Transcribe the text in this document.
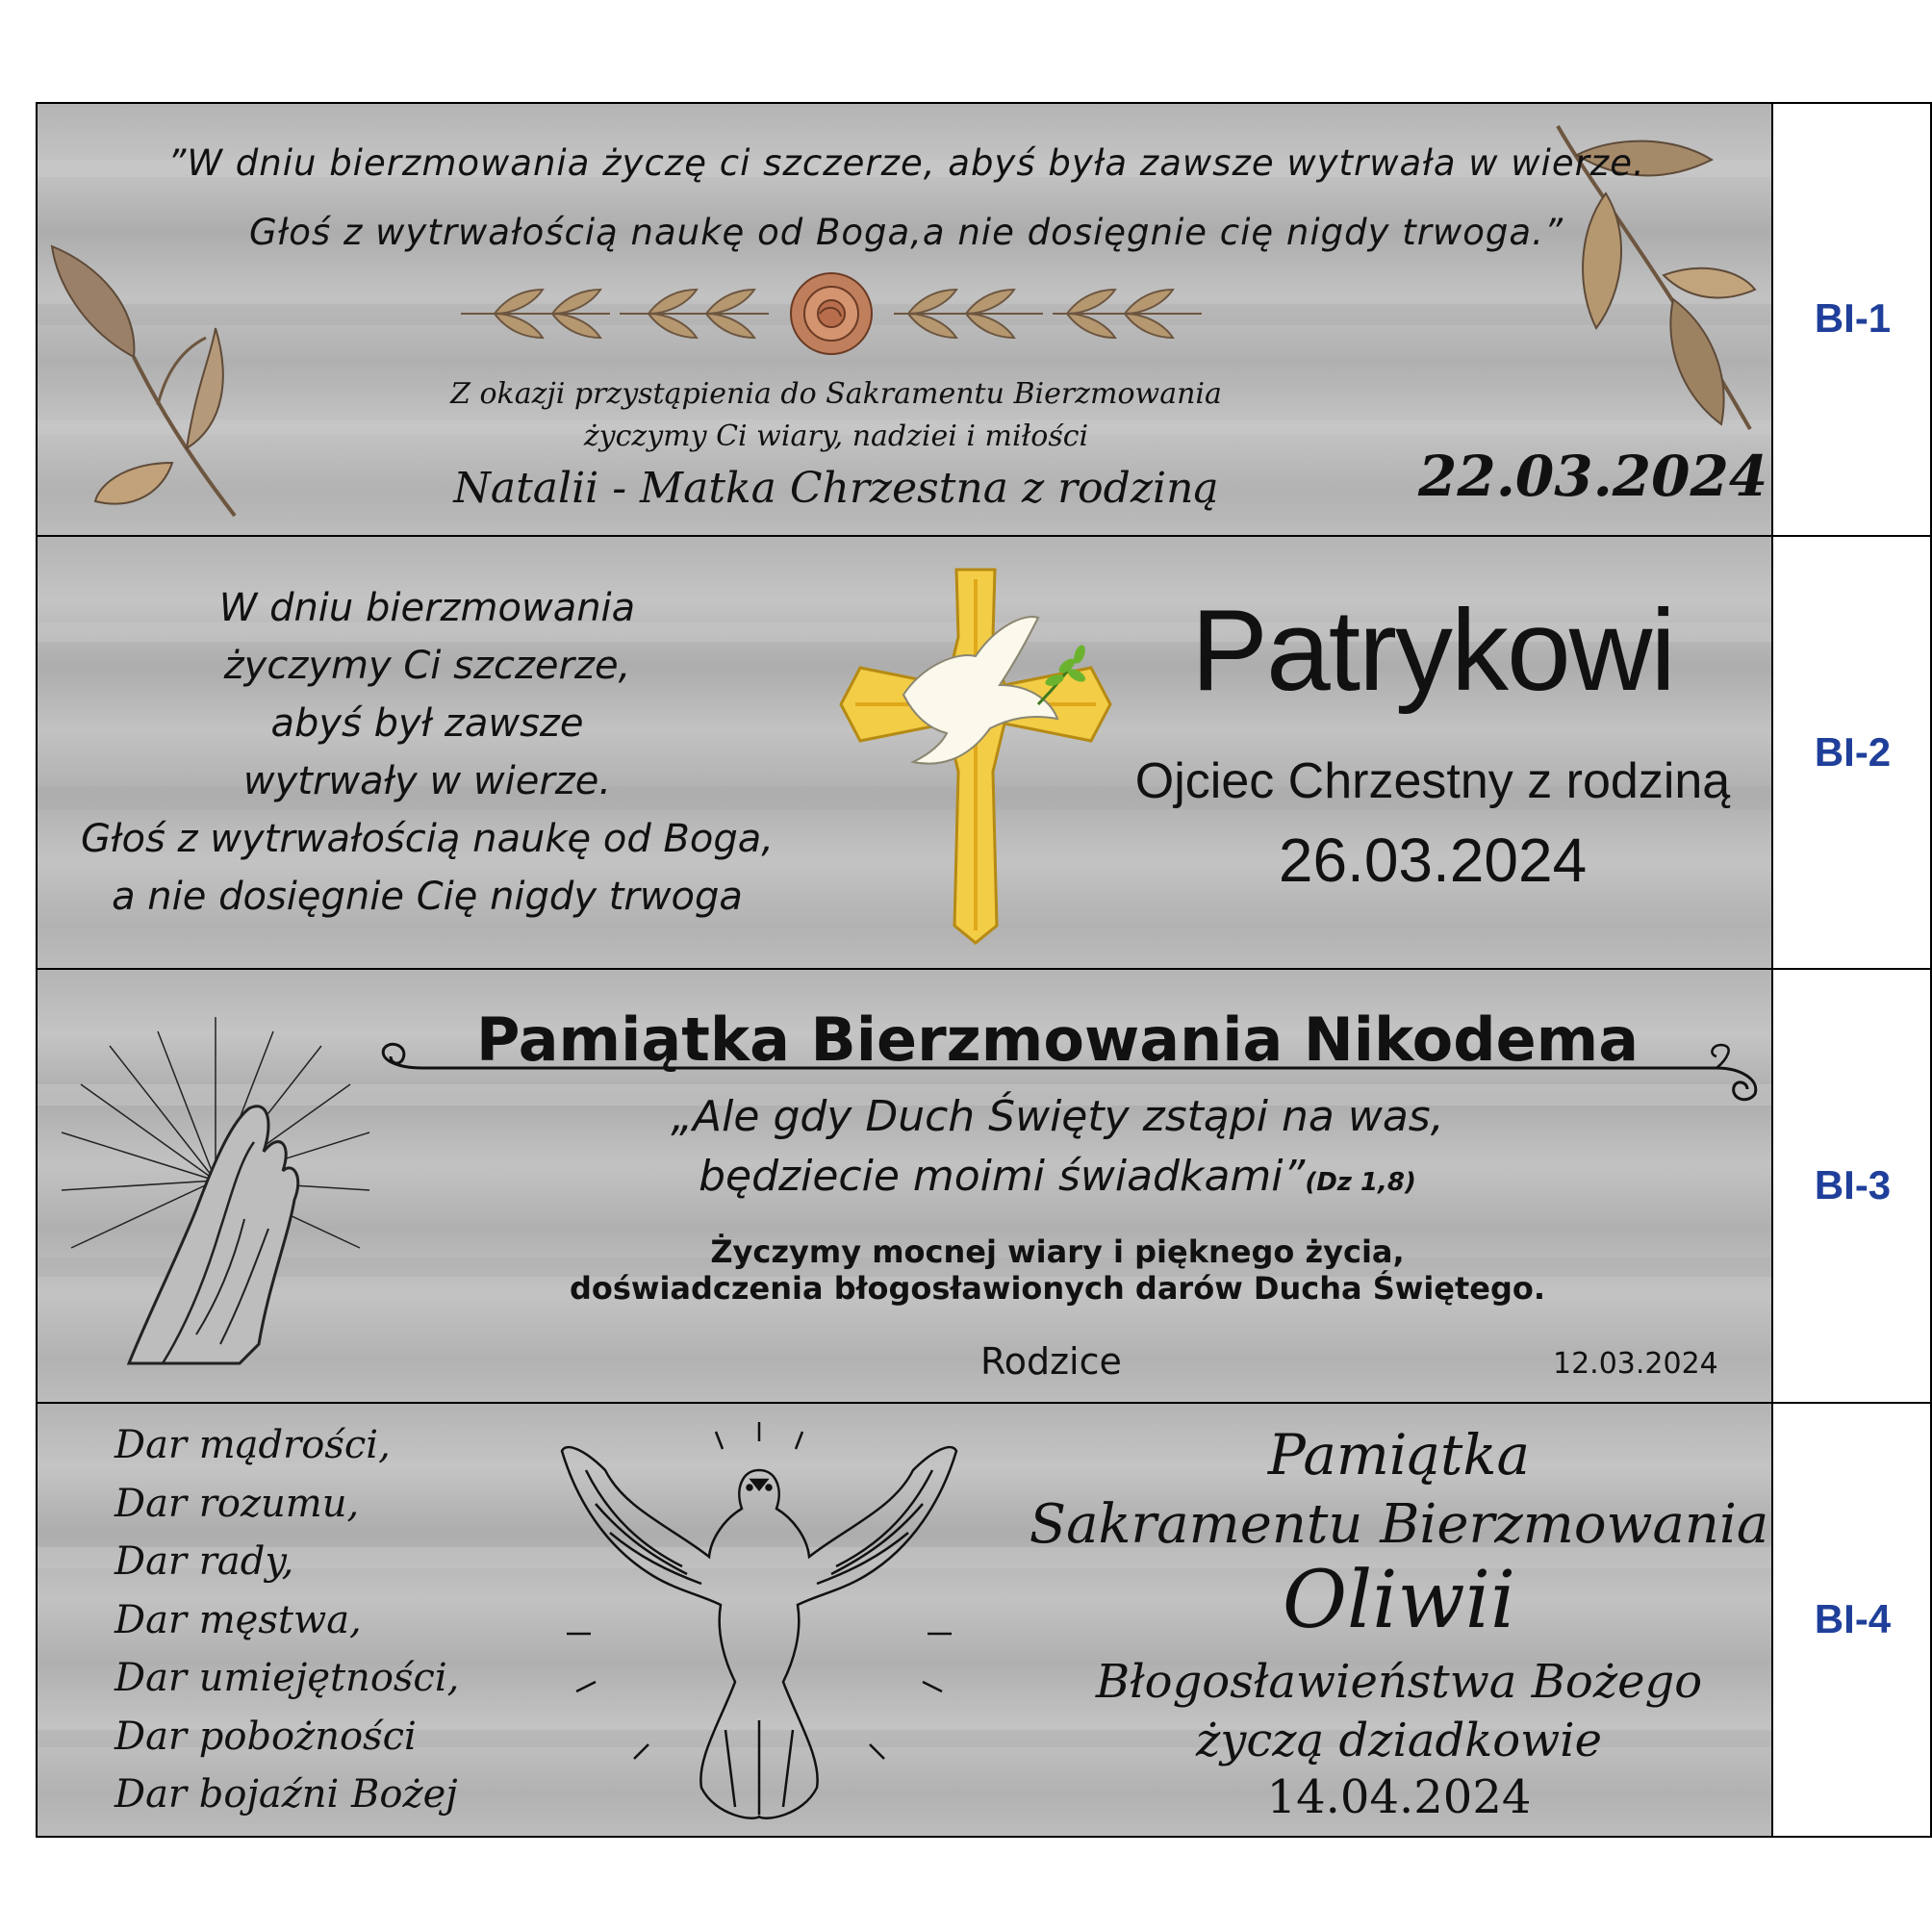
”W dniu bierzmowania życzę ci szczerze, abyś była zawsze wytrwała w wierze.
Głoś z wytrwałością naukę od Boga,a nie dosięgnie cię nigdy trwoga.”
Z okazji przystąpienia do Sakramentu Bierzmowania
życzymy Ci wiary, nadziei i miłości
Natalii - Matka Chrzestna z rodziną	22.03.2024
W dniu bierzmowania
życzymy Ci szczerze,
abyś był zawsze
wytrwały w wierze.
Głoś z wytrwałością naukę od Boga,
a nie dosięgnie Cię nigdy trwoga
Patrykowi
Ojciec Chrzestny z rodziną
26.03.2024
Pamiątka Bierzmowania Nikodema
„Ale gdy Duch Święty zstąpi na was,
będziecie moimi świadkami”(Dz 1,8)
Życzymy mocnej wiary i pięknego życia,
doświadczenia błogosławionych darów Ducha Świętego.
Rodzice	12.03.2024
Dar mądrości,
Dar rozumu,
Dar rady,
Dar męstwa,
Dar umiejętności,
Dar pobożności
Dar bojaźni Bożej
Pamiątka
Sakramentu Bierzmowania
Oliwii
Błogosławieństwa Bożego
życzą dziadkowie
14.04.2024
BI-1
BI-2
BI-3
BI-4
